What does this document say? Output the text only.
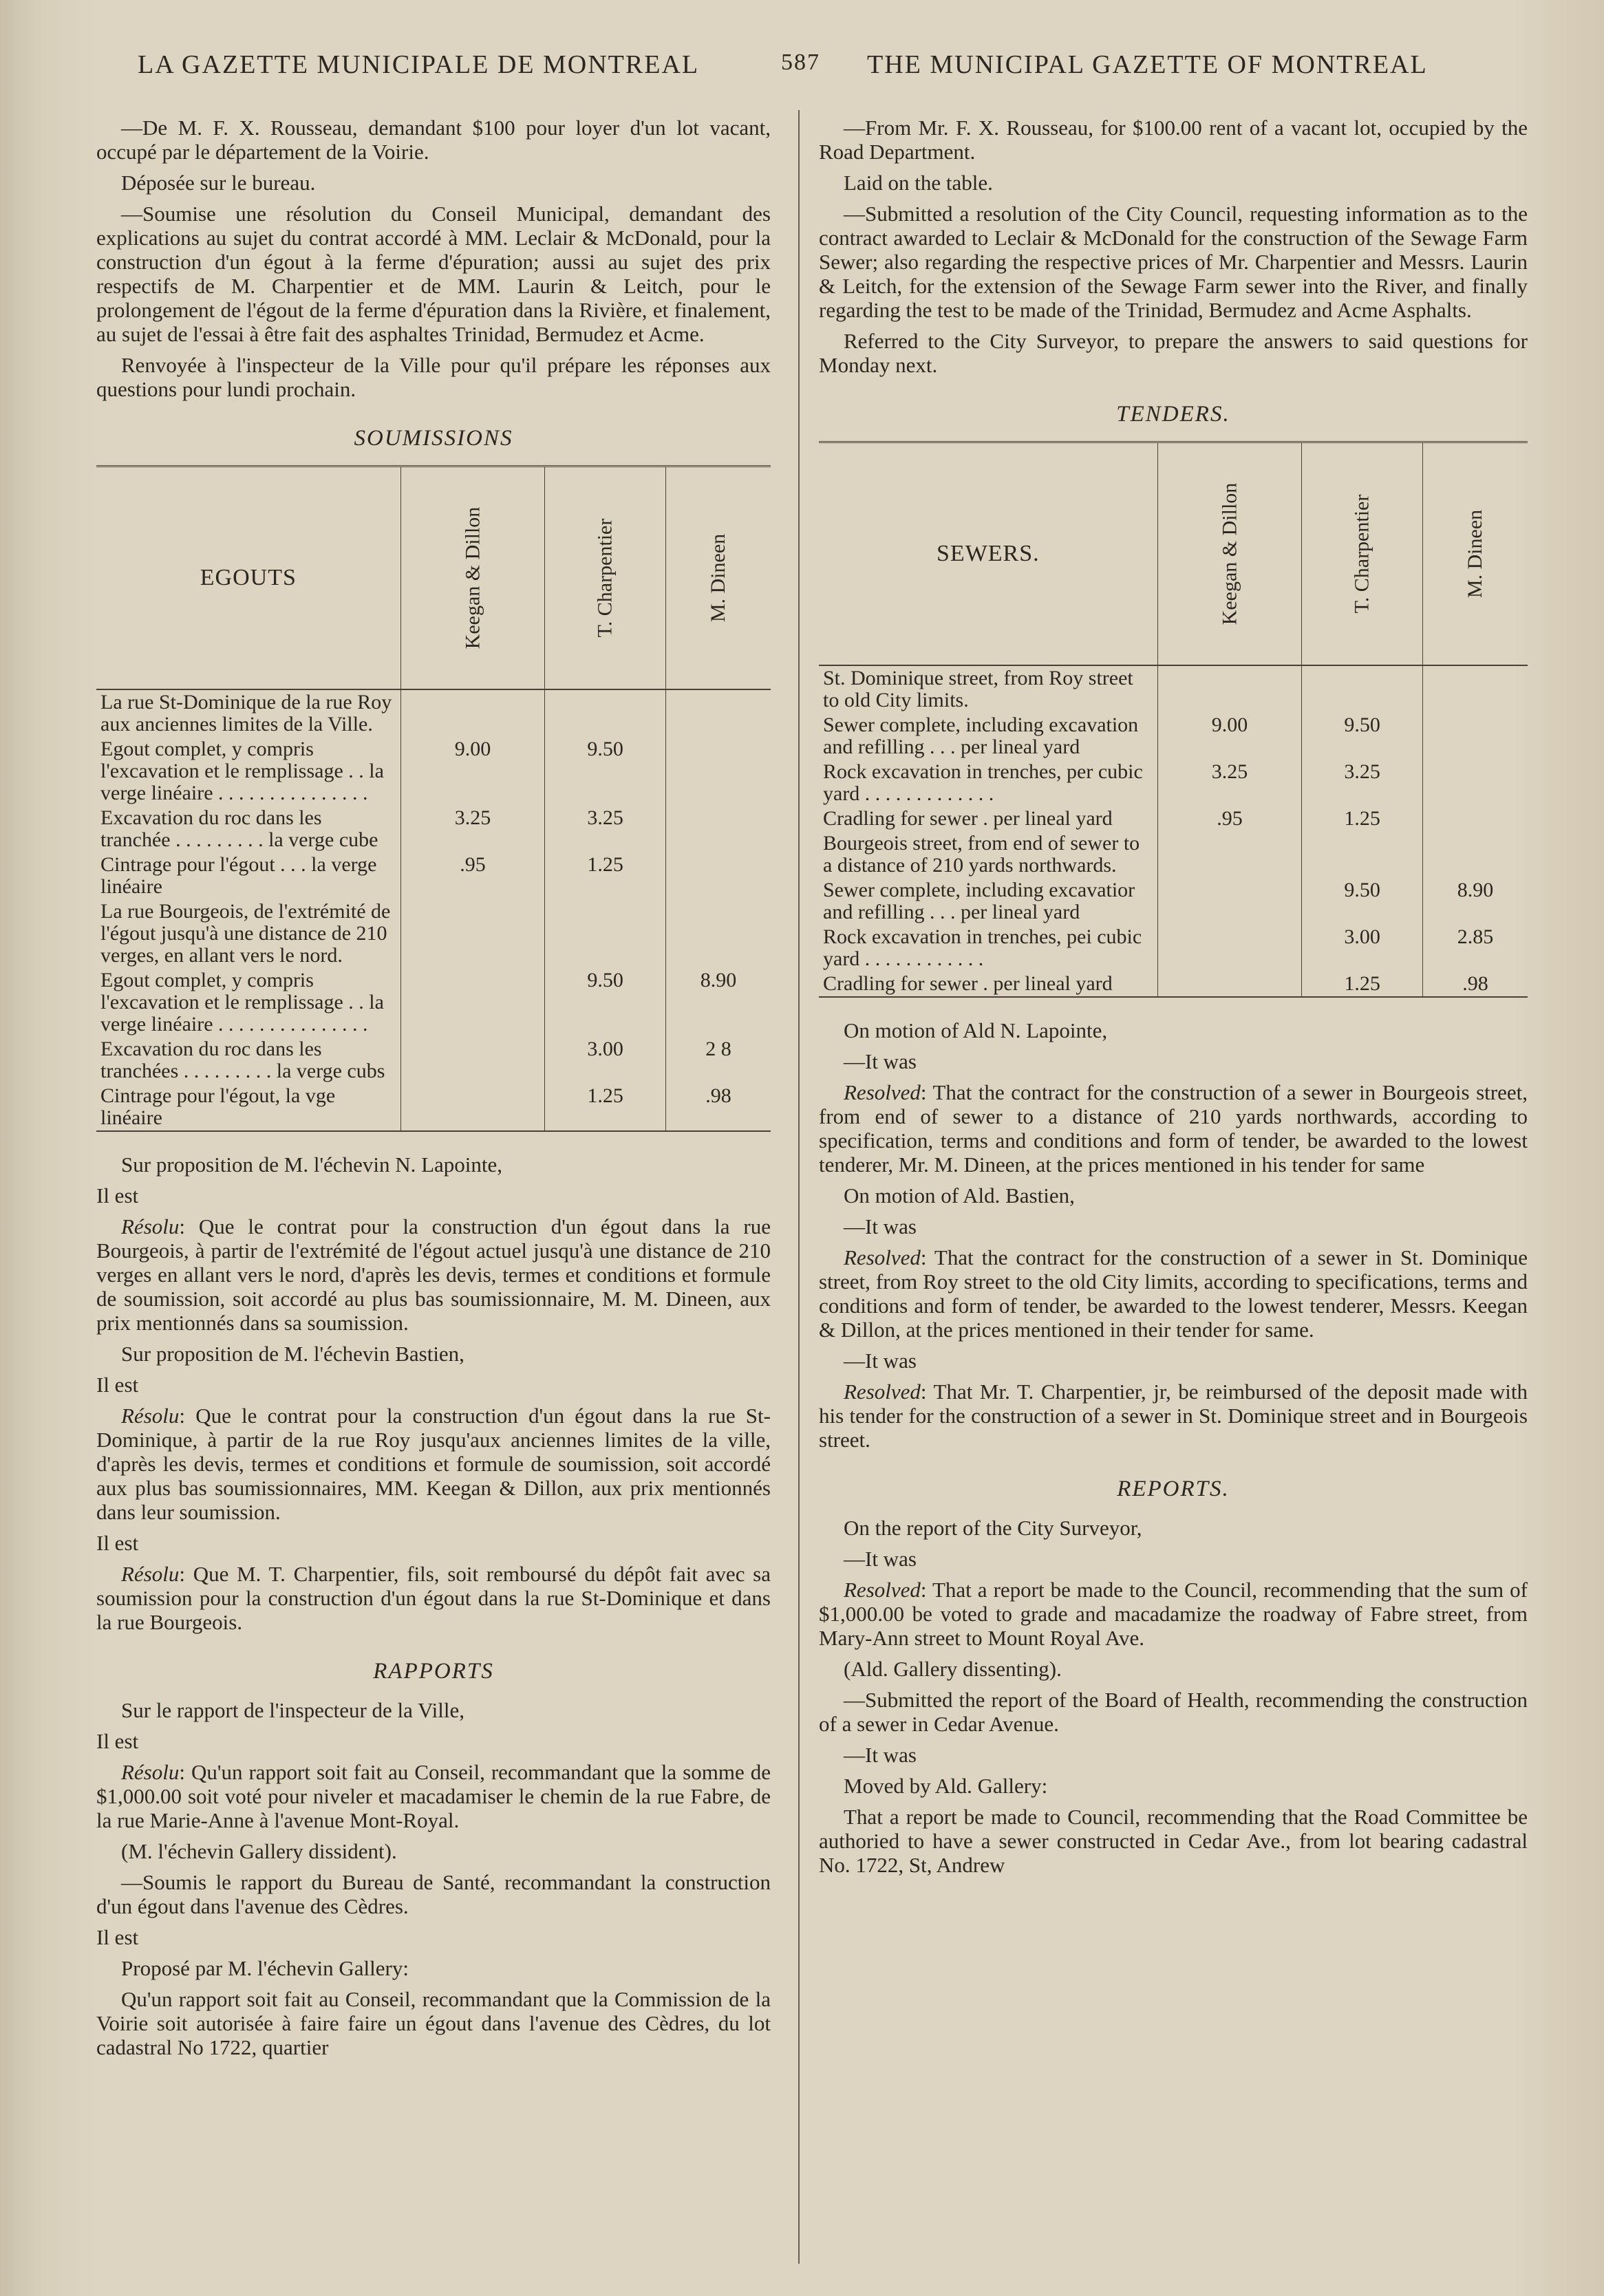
LA GAZETTE MUNICIPALE DE MONTREAL	587 THE MUNICIPAL GAZETTE OF MONTREAL

—De M. F. X. Rousseau, demandant $100 pour loyer d'un lot vacant, occupé par le département de la Voirie.

Déposée sur le bureau.

—Soumise une résolution du Conseil Municipal, demandant des explications au sujet du contrat accordé à MM. Leclair & McDonald, pour la construction d'un égout à la ferme d'épuration; aussi au sujet des prix respectifs de M. Charpentier et de MM. Laurin & Leitch, pour le prolongement de l'égout de la ferme d'épuration dans la Rivière, et finalement, au sujet de l'essai à être fait des asphaltes Trinidad, Bermudez et Acme.

Renvoyée à l'inspecteur de la Ville pour qu'il prépare les réponses aux questions pour lundi prochain.

SOUMISSIONS
EGOUTS	Keegan & Dillon	T. Charpentier	M. Dineen
La rue St-Dominique de la rue Roy aux anciennes limites de la Ville.			
Egout complet, y compris l'excavation et le remplissage . . la verge linéaire . . . . . . . . . . . . . . .	9.00	9.50	
Excavation du roc dans les tranchée . . . . . . . . . la verge cube	3.25	3.25	
Cintrage pour l'égout . . . la verge linéaire	.95	1.25	
La rue Bourgeois, de l'extrémité de l'égout jusqu'à une distance de 210 verges, en allant vers le nord.			
Egout complet, y compris l'excavation et le remplissage . . la verge linéaire . . . . . . . . . . . . . . .		9.50	8.90
Excavation du roc dans les tranchées . . . . . . . . . la verge cubs		3.00	2 8
Cintrage pour l'égout, la vge linéaire		1.25	.98

Sur proposition de M. l'échevin N. Lapointe,

Il est

Résolu: Que le contrat pour la construction d'un égout dans la rue Bourgeois, à partir de l'extrémité de l'égout actuel jusqu'à une distance de 210 verges en allant vers le nord, d'après les devis, termes et conditions et formule de soumission, soit accordé au plus bas soumissionnaire, M. M. Dineen, aux prix mentionnés dans sa soumission.

Sur proposition de M. l'échevin Bastien,

Il est

Résolu: Que le contrat pour la construction d'un égout dans la rue St-Dominique, à partir de la rue Roy jusqu'aux anciennes limites de la ville, d'après les devis, termes et conditions et formule de soumission, soit accordé aux plus bas soumissionnaires, MM. Keegan & Dillon, aux prix mentionnés dans leur soumission.

Il est

Résolu: Que M. T. Charpentier, fils, soit remboursé du dépôt fait avec sa soumission pour la construction d'un égout dans la rue St-Dominique et dans la rue Bourgeois.

RAPPORTS

Sur le rapport de l'inspecteur de la Ville,

Il est

Résolu: Qu'un rapport soit fait au Conseil, recommandant que la somme de $1,000.00 soit voté pour niveler et macadamiser le chemin de la rue Fabre, de la rue Marie-Anne à l'avenue Mont-Royal.

(M. l'échevin Gallery dissident).

—Soumis le rapport du Bureau de Santé, recommandant la construction d'un égout dans l'avenue des Cèdres.

Il est

Proposé par M. l'échevin Gallery:

Qu'un rapport soit fait au Conseil, recommandant que la Commission de la Voirie soit autorisée à faire faire un égout dans l'avenue des Cèdres, du lot cadastral No 1722, quartier

—From Mr. F. X. Rousseau, for $100.00 rent of a vacant lot, occupied by the Road Department.

Laid on the table.

—Submitted a resolution of the City Council, requesting information as to the contract awarded to Leclair & McDonald for the construction of the Sewage Farm Sewer; also regarding the respective prices of Mr. Charpentier and Messrs. Laurin & Leitch, for the extension of the Sewage Farm sewer into the River, and finally regarding the test to be made of the Trinidad, Bermudez and Acme Asphalts.

Referred to the City Surveyor, to prepare the answers to said questions for Monday next.

TENDERS.
SEWERS.	Keegan & Dillon	T. Charpentier	M. Dineen
St. Dominique street, from Roy street to old City limits.			
Sewer complete, including excavation and refilling . . . per lineal yard	9.00	9.50	
Rock excavation in trenches, per cubic yard . . . . . . . . . . . . .	3.25	3.25	
Cradling for sewer . per lineal yard	.95	1.25	
Bourgeois street, from end of sewer to a distance of 210 yards northwards.			
Sewer complete, including excavatior and refilling . . . per lineal yard		9.50	8.90
Rock excavation in trenches, pei cubic yard . . . . . . . . . . . .		3.00	2.85
Cradling for sewer . per lineal yard		1.25	.98

On motion of Ald N. Lapointe,

—It was

Resolved: That the contract for the construction of a sewer in Bourgeois street, from end of sewer to a distance of 210 yards northwards, according to specification, terms and conditions and form of tender, be awarded to the lowest tenderer, Mr. M. Dineen, at the prices mentioned in his tender for same

On motion of Ald. Bastien,

—It was

Resolved: That the contract for the construction of a sewer in St. Dominique street, from Roy street to the old City limits, according to specifications, terms and conditions and form of tender, be awarded to the lowest tenderer, Messrs. Keegan & Dillon, at the prices mentioned in their tender for same.

—It was

Resolved: That Mr. T. Charpentier, jr, be reimbursed of the deposit made with his tender for the construction of a sewer in St. Dominique street and in Bourgeois street.

REPORTS.

On the report of the City Surveyor,

—It was

Resolved: That a report be made to the Council, recommending that the sum of $1,000.00 be voted to grade and macadamize the roadway of Fabre street, from Mary-Ann street to Mount Royal Ave.

(Ald. Gallery dissenting).

—Submitted the report of the Board of Health, recommending the construction of a sewer in Cedar Avenue.

—It was

Moved by Ald. Gallery:

That a report be made to Council, recommending that the Road Committee be authoried to have a sewer constructed in Cedar Ave., from lot bearing cadastral No. 1722, St, Andrew
